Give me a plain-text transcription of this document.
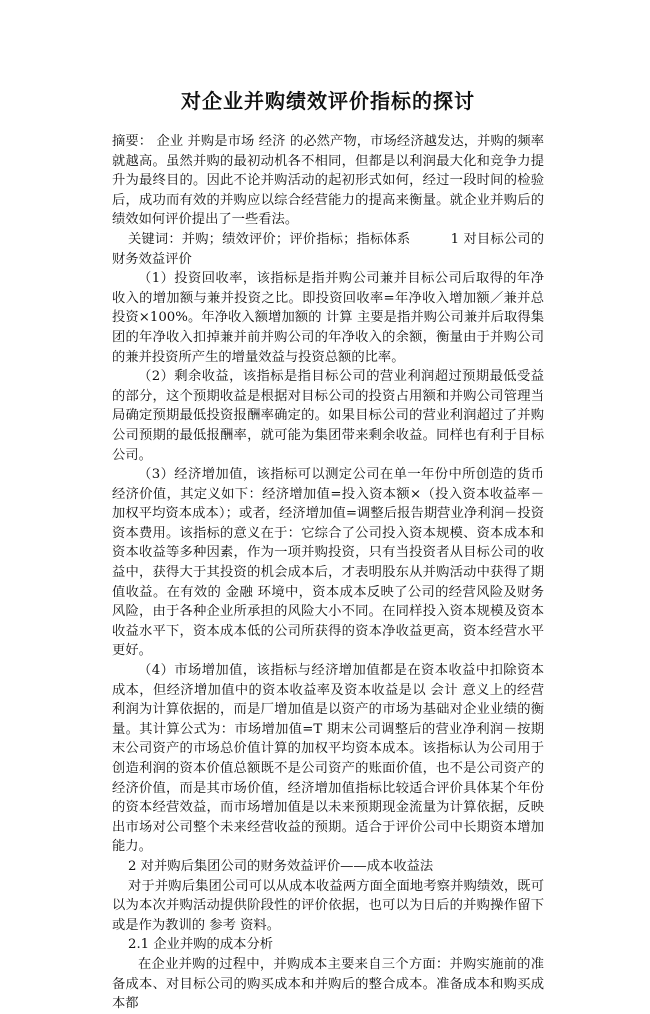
对企业并购绩效评价指标的探讨

摘要： 企业 并购是市场 经济 的必然产物，市场经济越发达，并购的频率就越高。虽然并购的最初动机各不相同，但都是以利润最大化和竞争力提升为最终目的。因此不论并购活动的起初形式如何，经过一段时间的检验后，成功而有效的并购应以综合经营能力的提高来衡量。就企业并购后的绩效如何评价提出了一些看法。

关键词：并购；绩效评价；评价指标；指标体系　　　1 对目标公司的财务效益评价

（1）投资回收率，该指标是指并购公司兼并目标公司后取得的年净收入的增加额与兼并投资之比。即投资回收率=年净收入增加额／兼并总投资×100%。年净收入额增加额的 计算 主要是指并购公司兼并后取得集团的年净收入扣掉兼并前并购公司的年净收入的余额，衡量由于并购公司的兼并投资所产生的增量效益与投资总额的比率。

（2）剩余收益，该指标是指目标公司的营业利润超过预期最低受益的部分，这个预期收益是根据对目标公司的投资占用额和并购公司管理当局确定预期最低投资报酬率确定的。如果目标公司的营业利润超过了并购公司预期的最低报酬率，就可能为集团带来剩余收益。同样也有利于目标公司。

（3）经济增加值，该指标可以测定公司在单一年份中所创造的货币经济价值，其定义如下：经济增加值=投入资本额×（投入资本收益率－加权平均资本成本）；或者，经济增加值=调整后报告期营业净利润－投资资本费用。该指标的意义在于：它综合了公司投入资本规模、资本成本和资本收益等多种因素，作为一项并购投资，只有当投资者从目标公司的收益中，获得大于其投资的机会成本后，才表明股东从并购活动中获得了期值收益。在有效的 金融 环境中，资本成本反映了公司的经营风险及财务风险，由于各种企业所承担的风险大小不同。在同样投入资本规模及资本收益水平下，资本成本低的公司所获得的资本净收益更高，资本经营水平更好。

（4）市场增加值，该指标与经济增加值都是在资本收益中扣除资本成本，但经济增加值中的资本收益率及资本收益是以 会计 意义上的经营利润为计算依据的，而是厂增加值是以资产的市场为基础对企业业绩的衡量。其计算公式为：市场增加值=T 期末公司调整后的营业净利润－按期末公司资产的市场总价值计算的加权平均资本成本。该指标认为公司用于创造利润的资本价值总额既不是公司资产的账面价值，也不是公司资产的经济价值，而是其市场价值，经济增加值指标比较适合评价具体某个年份的资本经营效益，而市场增加值是以未来预期现金流量为计算依据，反映出市场对公司整个未来经营收益的预期。适合于评价公司中长期资本增加能力。

2 对并购后集团公司的财务效益评价——成本收益法

对于并购后集团公司可以从成本收益两方面全面地考察并购绩效，既可以为本次并购活动提供阶段性的评价依据，也可以为日后的并购操作留下或是作为教训的 参考 资料。

2.1 企业并购的成本分析

在企业并购的过程中，并购成本主要来自三个方面：并购实施前的准备成本、对目标公司的购买成本和并购后的整合成本。准备成本和购买成本都
